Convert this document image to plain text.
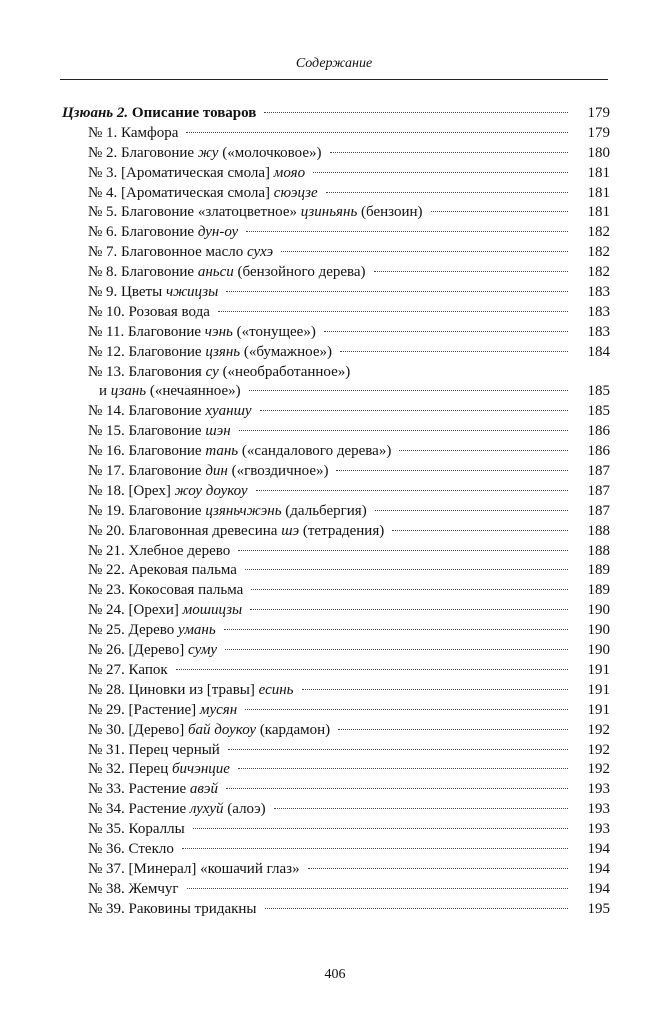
Содержание
Цзюань 2. Описание товаров	179
№ 1. Камфора	179
№ 2. Благовоние жу («молочковое»)	180
№ 3. [Ароматическая смола] мояо	181
№ 4. [Ароматическая смола] сюэцзе	181
№ 5. Благовоние «златоцветное» цзиньянь (бензоин)	181
№ 6. Благовоние дун-оу	182
№ 7. Благовонное масло сухэ	182
№ 8. Благовоние аньси (бензойного дерева)	182
№ 9. Цветы чжицзы	183
№ 10. Розовая вода	183
№ 11. Благовоние чэнь («тонущее»)	183
№ 12. Благовоние цзянь («бумажное»)	184
№ 13. Благовония су («необработанное»)
и цзань («нечаянное»)	185
№ 14. Благовоние хуаншу	185
№ 15. Благовоние шэн	186
№ 16. Благовоние тань («сандалового дерева»)	186
№ 17. Благовоние дин («гвоздичное»)	187
№ 18. [Орех] жоу доукоу	187
№ 19. Благовоние цзяньчжэнь (дальбергия)	187
№ 20. Благовонная древесина шэ (тетрадения)	188
№ 21. Хлебное дерево	188
№ 22. Арековая пальма	189
№ 23. Кокосовая пальма	189
№ 24. [Орехи] мошицзы	190
№ 25. Дерево умань	190
№ 26. [Дерево] суму	190
№ 27. Капок	191
№ 28. Циновки из [травы] есинь	191
№ 29. [Растение] мусян	191
№ 30. [Дерево] бай доукоу (кардамон)	192
№ 31. Перец черный	192
№ 32. Перец бичэнцие	192
№ 33. Растение авэй	193
№ 34. Растение лухуй (алоэ)	193
№ 35. Кораллы	193
№ 36. Стекло	194
№ 37. [Минерал] «кошачий глаз»	194
№ 38. Жемчуг	194
№ 39. Раковины тридакны	195
406
